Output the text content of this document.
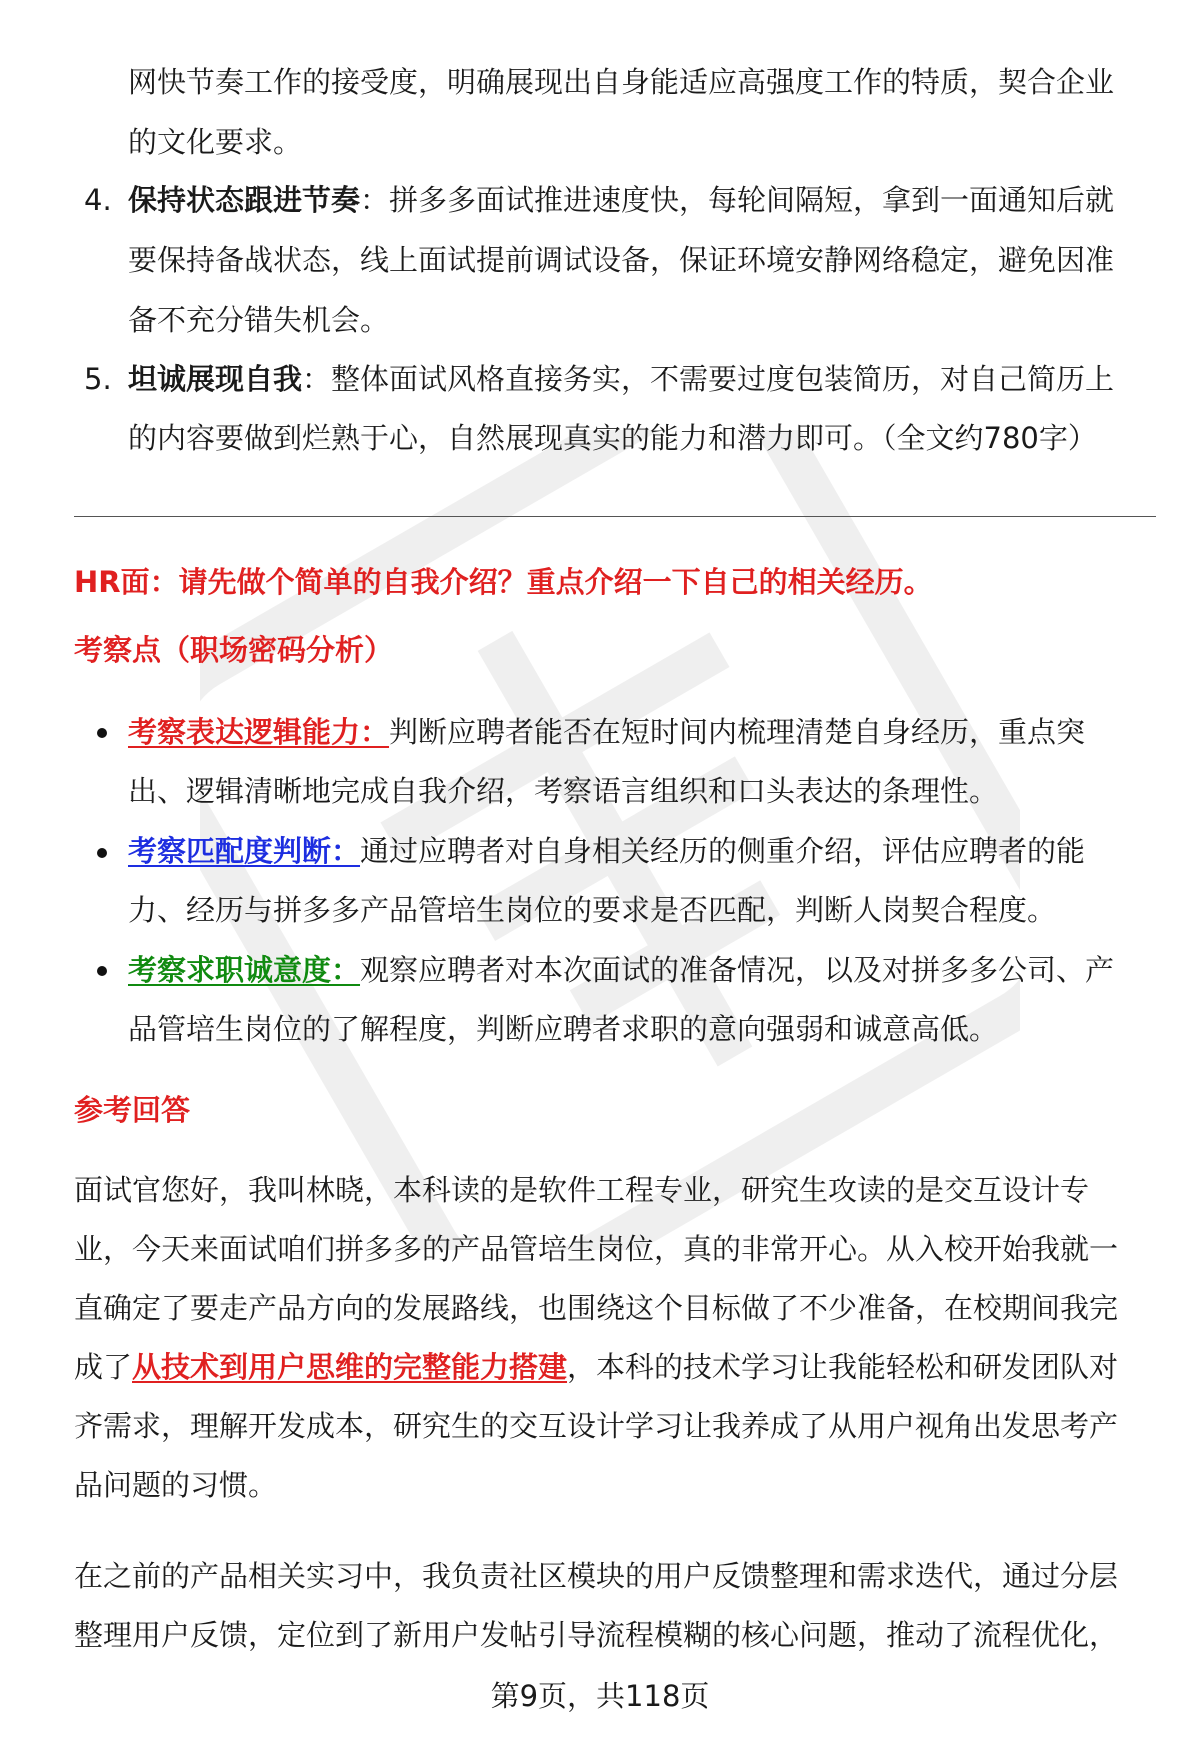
网快节奏工作的接受度，明确展现出自身能适应高强度工作的特质，契合企业
的文化要求。
4. 保持状态跟进节奏：拼多多面试推进速度快，每轮间隔短，拿到一面通知后就
要保持备战状态，线上面试提前调试设备，保证环境安静网络稳定，避免因准
备不充分错失机会。
5. 坦诚展现自我：整体面试风格直接务实，不需要过度包装简历，对自己简历上
的内容要做到烂熟于心，自然展现真实的能力和潜力即可。（全文约780字）
HR面：请先做个简单的自我介绍？重点介绍一下自己的相关经历。
考察点（职场密码分析）
考察表达逻辑能力：判断应聘者能否在短时间内梳理清楚自身经历，重点突
出、逻辑清晰地完成自我介绍，考察语言组织和口头表达的条理性。
考察匹配度判断：通过应聘者对自身相关经历的侧重介绍，评估应聘者的能
力、经历与拼多多产品管培生岗位的要求是否匹配，判断人岗契合程度。
考察求职诚意度：观察应聘者对本次面试的准备情况，以及对拼多多公司、产
品管培生岗位的了解程度，判断应聘者求职的意向强弱和诚意高低。
参考回答
面试官您好，我叫林晓，本科读的是软件工程专业，研究生攻读的是交互设计专
业，今天来面试咱们拼多多的产品管培生岗位，真的非常开心。从入校开始我就一
直确定了要走产品方向的发展路线，也围绕这个目标做了不少准备，在校期间我完
成了从技术到用户思维的完整能力搭建，本科的技术学习让我能轻松和研发团队对
齐需求，理解开发成本，研究生的交互设计学习让我养成了从用户视角出发思考产
品问题的习惯。
在之前的产品相关实习中，我负责社区模块的用户反馈整理和需求迭代，通过分层
整理用户反馈，定位到了新用户发帖引导流程模糊的核心问题，推动了流程优化，
第9页，共118页
